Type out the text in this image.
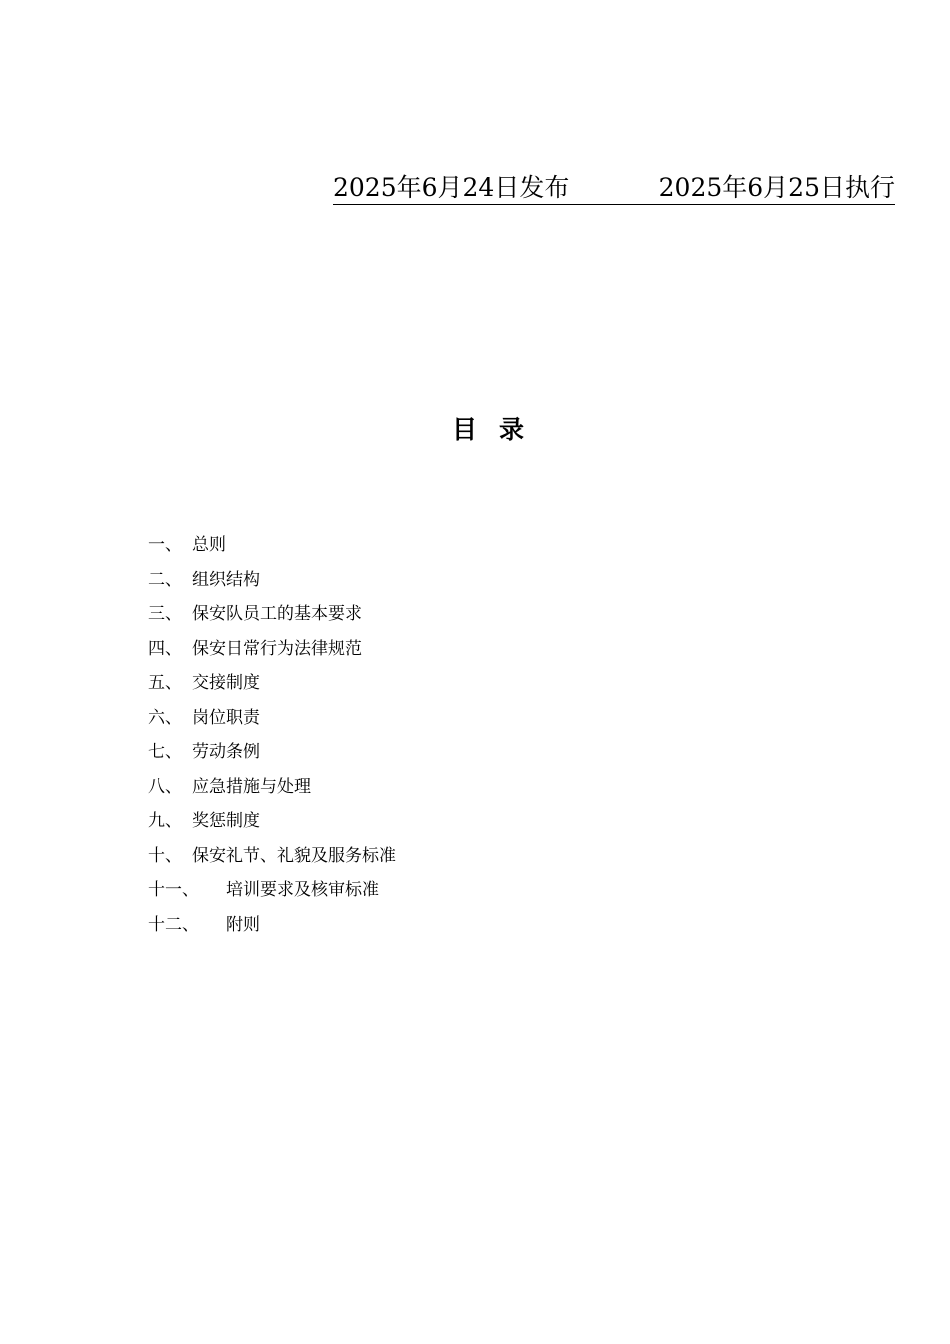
2025年6月24日发布	2025年6月25日执行
目录
一、 总则
二、 组织结构
三、 保安队员工的基本要求
四、 保安日常行为法律规范
五、 交接制度
六、 岗位职责
七、 劳动条例
八、 应急措施与处理
九、 奖惩制度
十、 保安礼节、礼貌及服务标准
十一、 培训要求及核审标准
十二、 附则
